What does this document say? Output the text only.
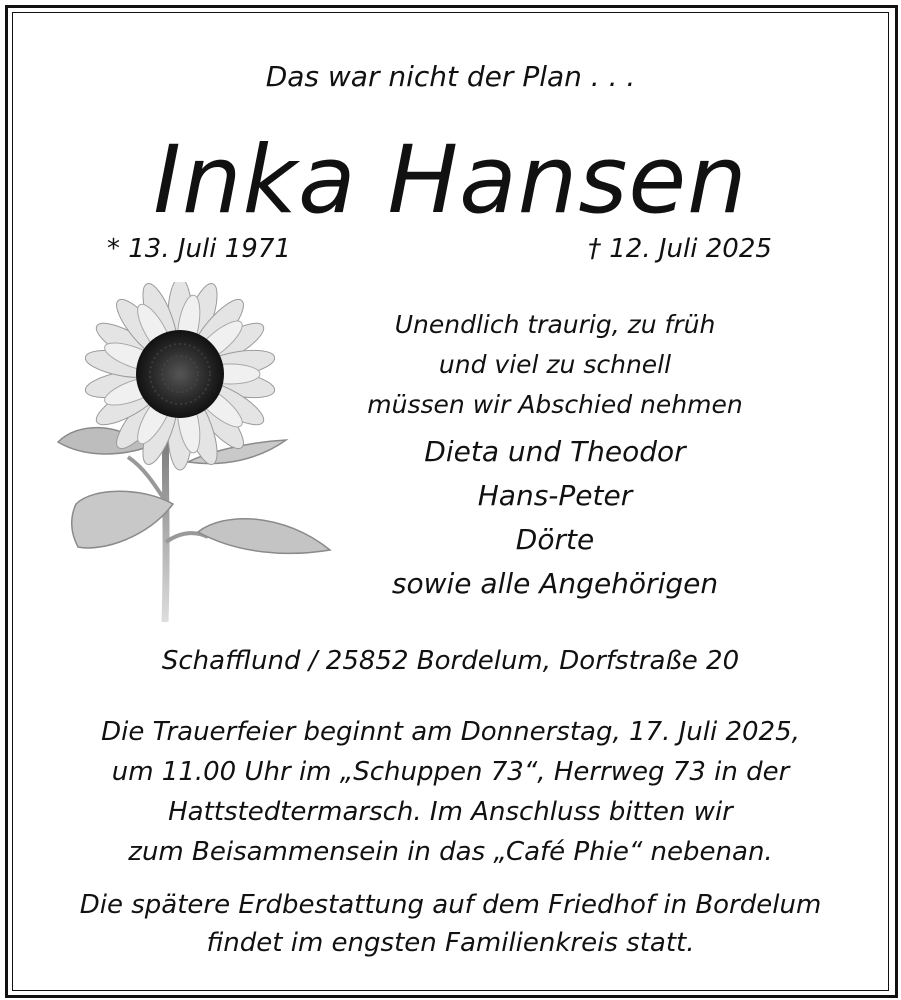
Das war nicht der Plan . . .
Inka Hansen
* 13. Juli 1971	† 12. Juli 2025
Unendlich traurig, zu früh
und viel zu schnell
müssen wir Abschied nehmen
Dieta und Theodor
Hans-Peter
Dörte
sowie alle Angehörigen
Schafflund / 25852 Bordelum, Dorfstraße 20
Die Trauerfeier beginnt am Donnerstag, 17. Juli 2025,
um 11.00 Uhr im „Schuppen 73“, Herrweg 73 in der
Hattstedtermarsch. Im Anschluss bitten wir
zum Beisammensein in das „Café Phie“ nebenan.
Die spätere Erdbestattung auf dem Friedhof in Bordelum
findet im engsten Familienkreis statt.
